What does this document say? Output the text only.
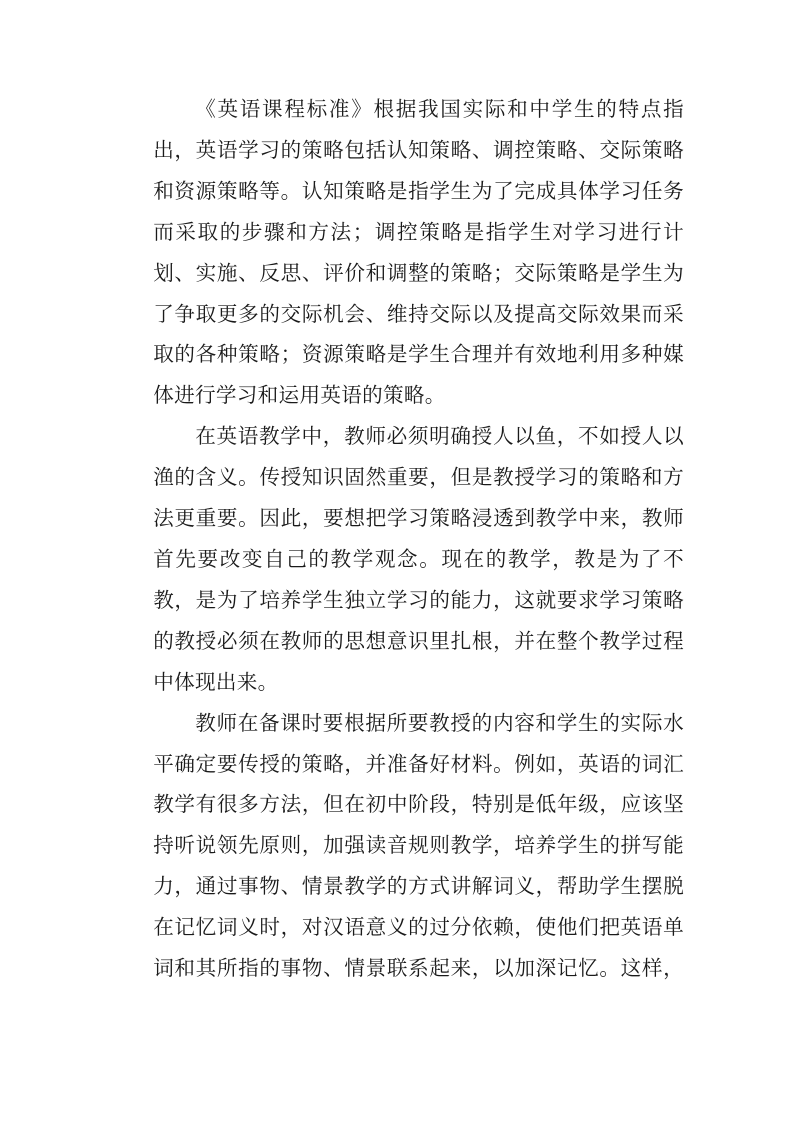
《英语课程标准》根据我国实际和中学生的特点指
出，英语学习的策略包括认知策略、调控策略、交际策略
和资源策略等。认知策略是指学生为了完成具体学习任务
而采取的步骤和方法；调控策略是指学生对学习进行计
划、实施、反思、评价和调整的策略；交际策略是学生为
了争取更多的交际机会、维持交际以及提高交际效果而采
取的各种策略；资源策略是学生合理并有效地利用多种媒
体进行学习和运用英语的策略。
在英语教学中，教师必须明确授人以鱼，不如授人以
渔的含义。传授知识固然重要，但是教授学习的策略和方
法更重要。因此，要想把学习策略浸透到教学中来，教师
首先要改变自己的教学观念。现在的教学，教是为了不
教，是为了培养学生独立学习的能力，这就要求学习策略
的教授必须在教师的思想意识里扎根，并在整个教学过程
中体现出来。
教师在备课时要根据所要教授的内容和学生的实际水
平确定要传授的策略，并准备好材料。例如，英语的词汇
教学有很多方法，但在初中阶段，特别是低年级，应该坚
持听说领先原则，加强读音规则教学，培养学生的拼写能
力，通过事物、情景教学的方式讲解词义，帮助学生摆脱
在记忆词义时，对汉语意义的过分依赖，使他们把英语单
词和其所指的事物、情景联系起来，以加深记忆。这样，
